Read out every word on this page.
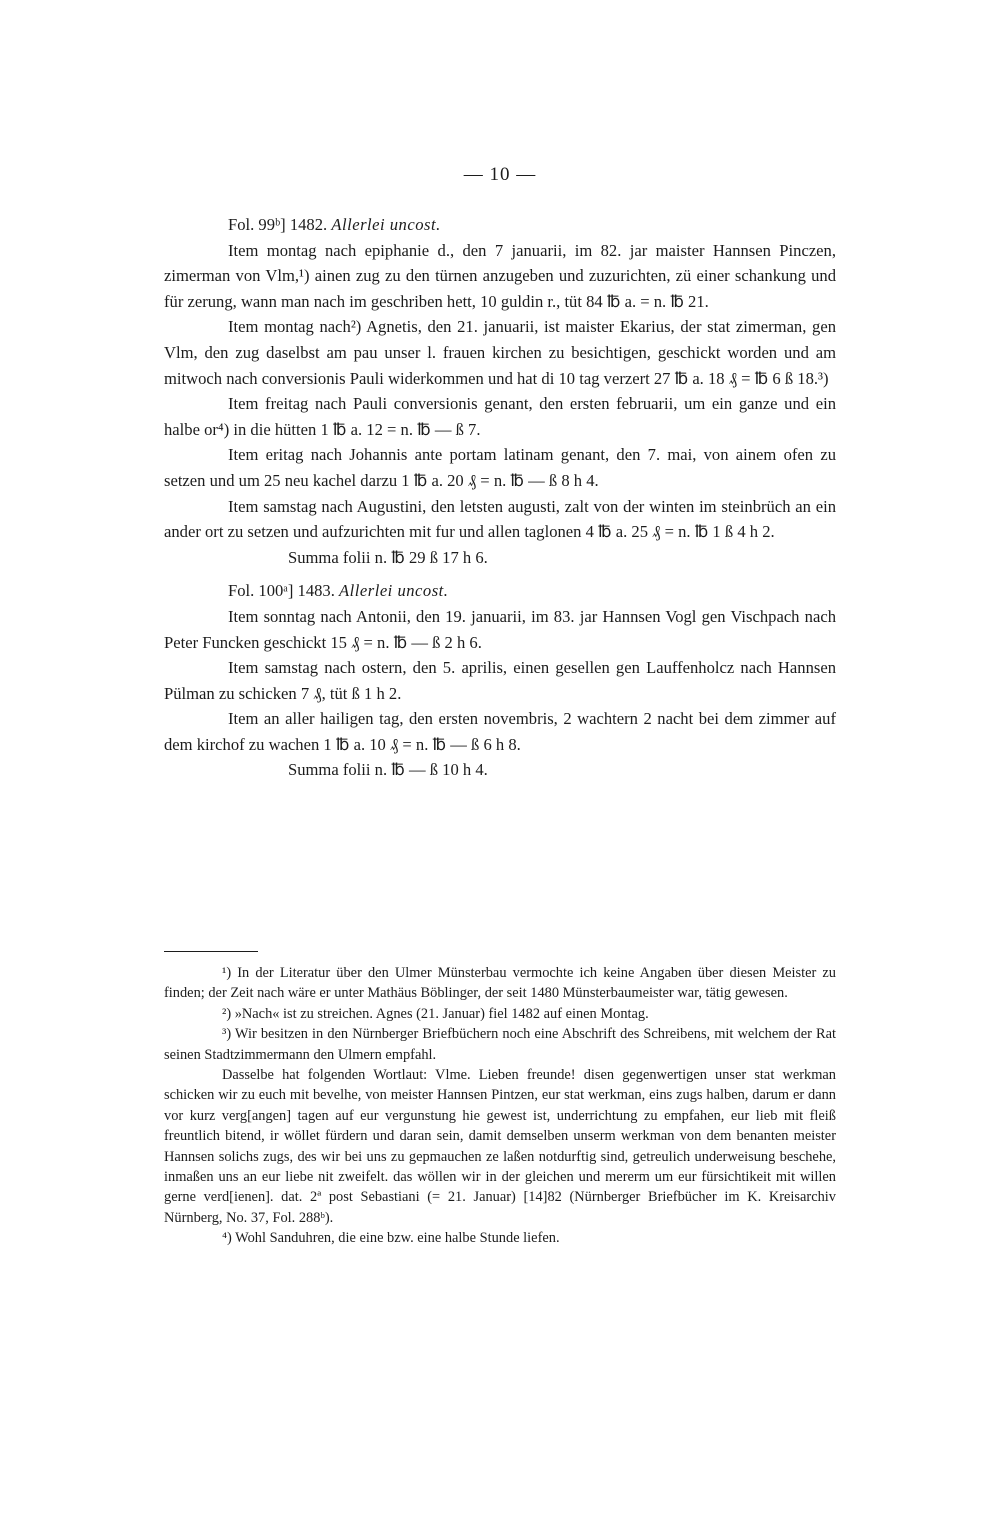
— 10 —

Fol. 99ᵇ] 1482. Allerlei uncost.

Item montag nach epiphanie d., den 7 januarii, im 82. jar maister Hannsen Pinczen, zimerman von Vlm,¹) ainen zug zu den türnen anzugeben und zuzurichten, zü einer schankung und für zerung, wann man nach im geschriben hett, 10 guldin r., tüt 84 ℔ a. = n. ℔ 21.

Item montag nach²) Agnetis, den 21. januarii, ist maister Ekarius, der stat zimerman, gen Vlm, den zug daselbst am pau unser l. frauen kirchen zu besichtigen, geschickt worden und am mitwoch nach conversionis Pauli widerkommen und hat di 10 tag verzert 27 ℔ a. 18 ₰ = ℔ 6 ß 18.³)

Item freitag nach Pauli conversionis genant, den ersten februarii, um ein ganze und ein halbe or⁴) in die hütten 1 ℔ a. 12 = n. ℔ — ß 7.

Item eritag nach Johannis ante portam latinam genant, den 7. mai, von ainem ofen zu setzen und um 25 neu kachel darzu 1 ℔ a. 20 ₰ = n. ℔ — ß 8 h 4.

Item samstag nach Augustini, den letsten augusti, zalt von der winten im steinbrüch an ein ander ort zu setzen und aufzurichten mit fur und allen taglonen 4 ℔ a. 25 ₰ = n. ℔ 1 ß 4 h 2.

Summa folii n. ℔ 29 ß 17 h 6.

Fol. 100ᵃ] 1483. Allerlei uncost.

Item sonntag nach Antonii, den 19. januarii, im 83. jar Hannsen Vogl gen Vischpach nach Peter Funcken geschickt 15 ₰ = n. ℔ — ß 2 h 6.

Item samstag nach ostern, den 5. aprilis, einen gesellen gen Lauffenholcz nach Hannsen Pülman zu schicken 7 ₰, tüt ß 1 h 2.

Item an aller hailigen tag, den ersten novembris, 2 wachtern 2 nacht bei dem zimmer auf dem kirchof zu wachen 1 ℔ a. 10 ₰ = n. ℔ — ß 6 h 8.

Summa folii n. ℔ — ß 10 h 4.

¹) In der Literatur über den Ulmer Münsterbau vermochte ich keine Angaben über diesen Meister zu finden; der Zeit nach wäre er unter Mathäus Böblinger, der seit 1480 Münsterbaumeister war, tätig gewesen.

²) »Nach« ist zu streichen. Agnes (21. Januar) fiel 1482 auf einen Montag.

³) Wir besitzen in den Nürnberger Briefbüchern noch eine Abschrift des Schreibens, mit welchem der Rat seinen Stadtzimmermann den Ulmern empfahl.

Dasselbe hat folgenden Wortlaut: Vlme. Lieben freunde! disen gegenwertigen unser stat werkman schicken wir zu euch mit bevelhe, von meister Hannsen Pintzen, eur stat werkman, eins zugs halben, darum er dann vor kurz verg[angen] tagen auf eur vergunstung hie gewest ist, underrichtung zu empfahen, eur lieb mit fleiß freuntlich bitend, ir wöllet fürdern und daran sein, damit demselben unserm werkman von dem benanten meister Hannsen solichs zugs, des wir bei uns zu gepmauchen ze laßen notdurftig sind, getreulich underweisung beschehe, inmaßen uns an eur liebe nit zweifelt. das wöllen wir in der gleichen und mererm um eur fürsichtikeit mit willen gerne verd[ienen]. dat. 2ª post Sebastiani (= 21. Januar) [14]82 (Nürnberger Briefbücher im K. Kreisarchiv Nürnberg, No. 37, Fol. 288ᵇ).

⁴) Wohl Sanduhren, die eine bzw. eine halbe Stunde liefen.
